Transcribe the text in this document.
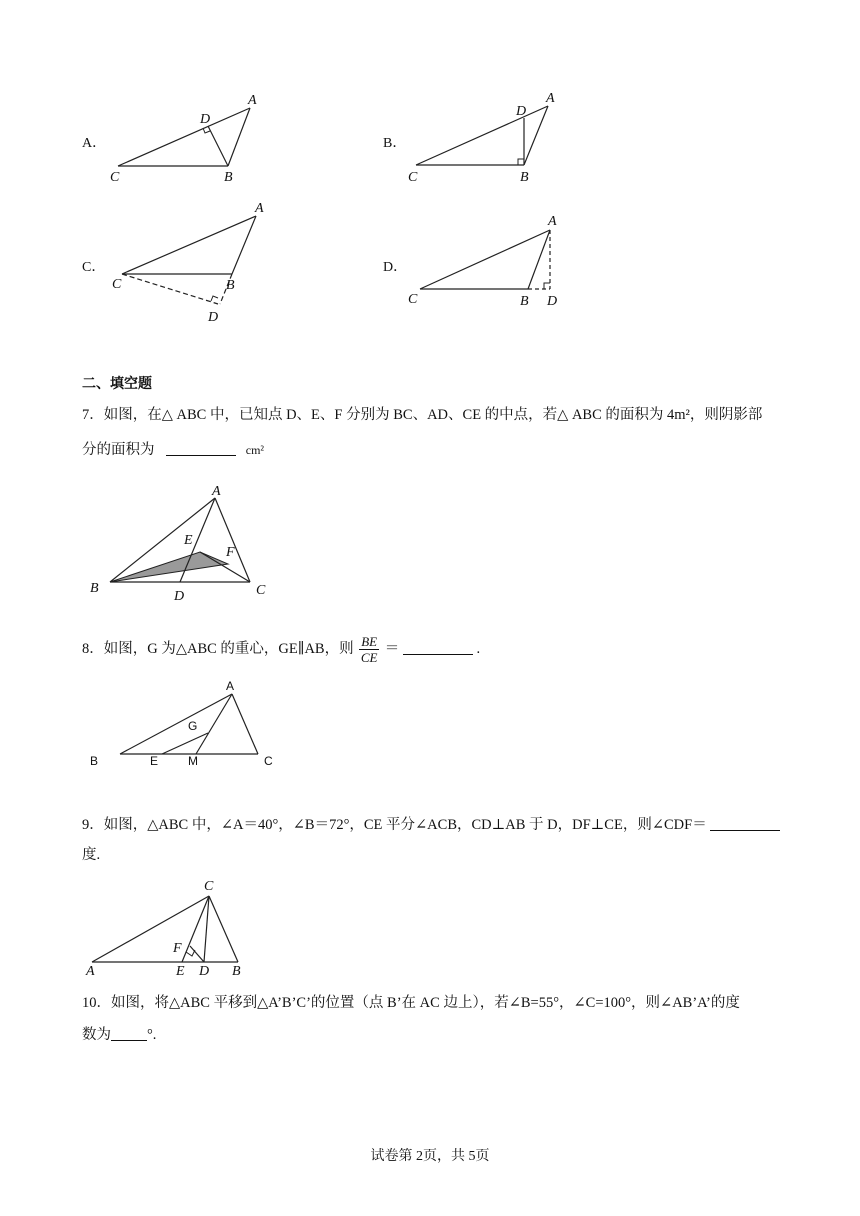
A．
A
B
C
D
B．
A
B
C
D
C．
A
B
C
D
D．
A
B
C	D
二、填空题
7．如图，在△ ABC 中，已知点 D、E、F 分别为 BC、AD、CE 的中点，若△ ABC 的面积为 4m²，则阴影部
分的面积为	cm²
A
B	C
D
E
F
8．如图，G 为△ABC 的重心，GE∥AB，则 $\frac{BE}{CE}$ ＝	.
A
B	C
E
G
M
9．如图，△ABC 中，∠A＝40°，∠B＝72°，CE 平分∠ACB，CD⊥AB 于 D，DF⊥CE，则∠CDF＝
度.
C
A	B
E D
F
10．如图，将△ABC 平移到△A’B’C’的位置（点 B’在 AC 边上），若∠B=55°，∠C=100°，则∠AB’A’的度
数为 °.
试卷第 2页，共 5页
